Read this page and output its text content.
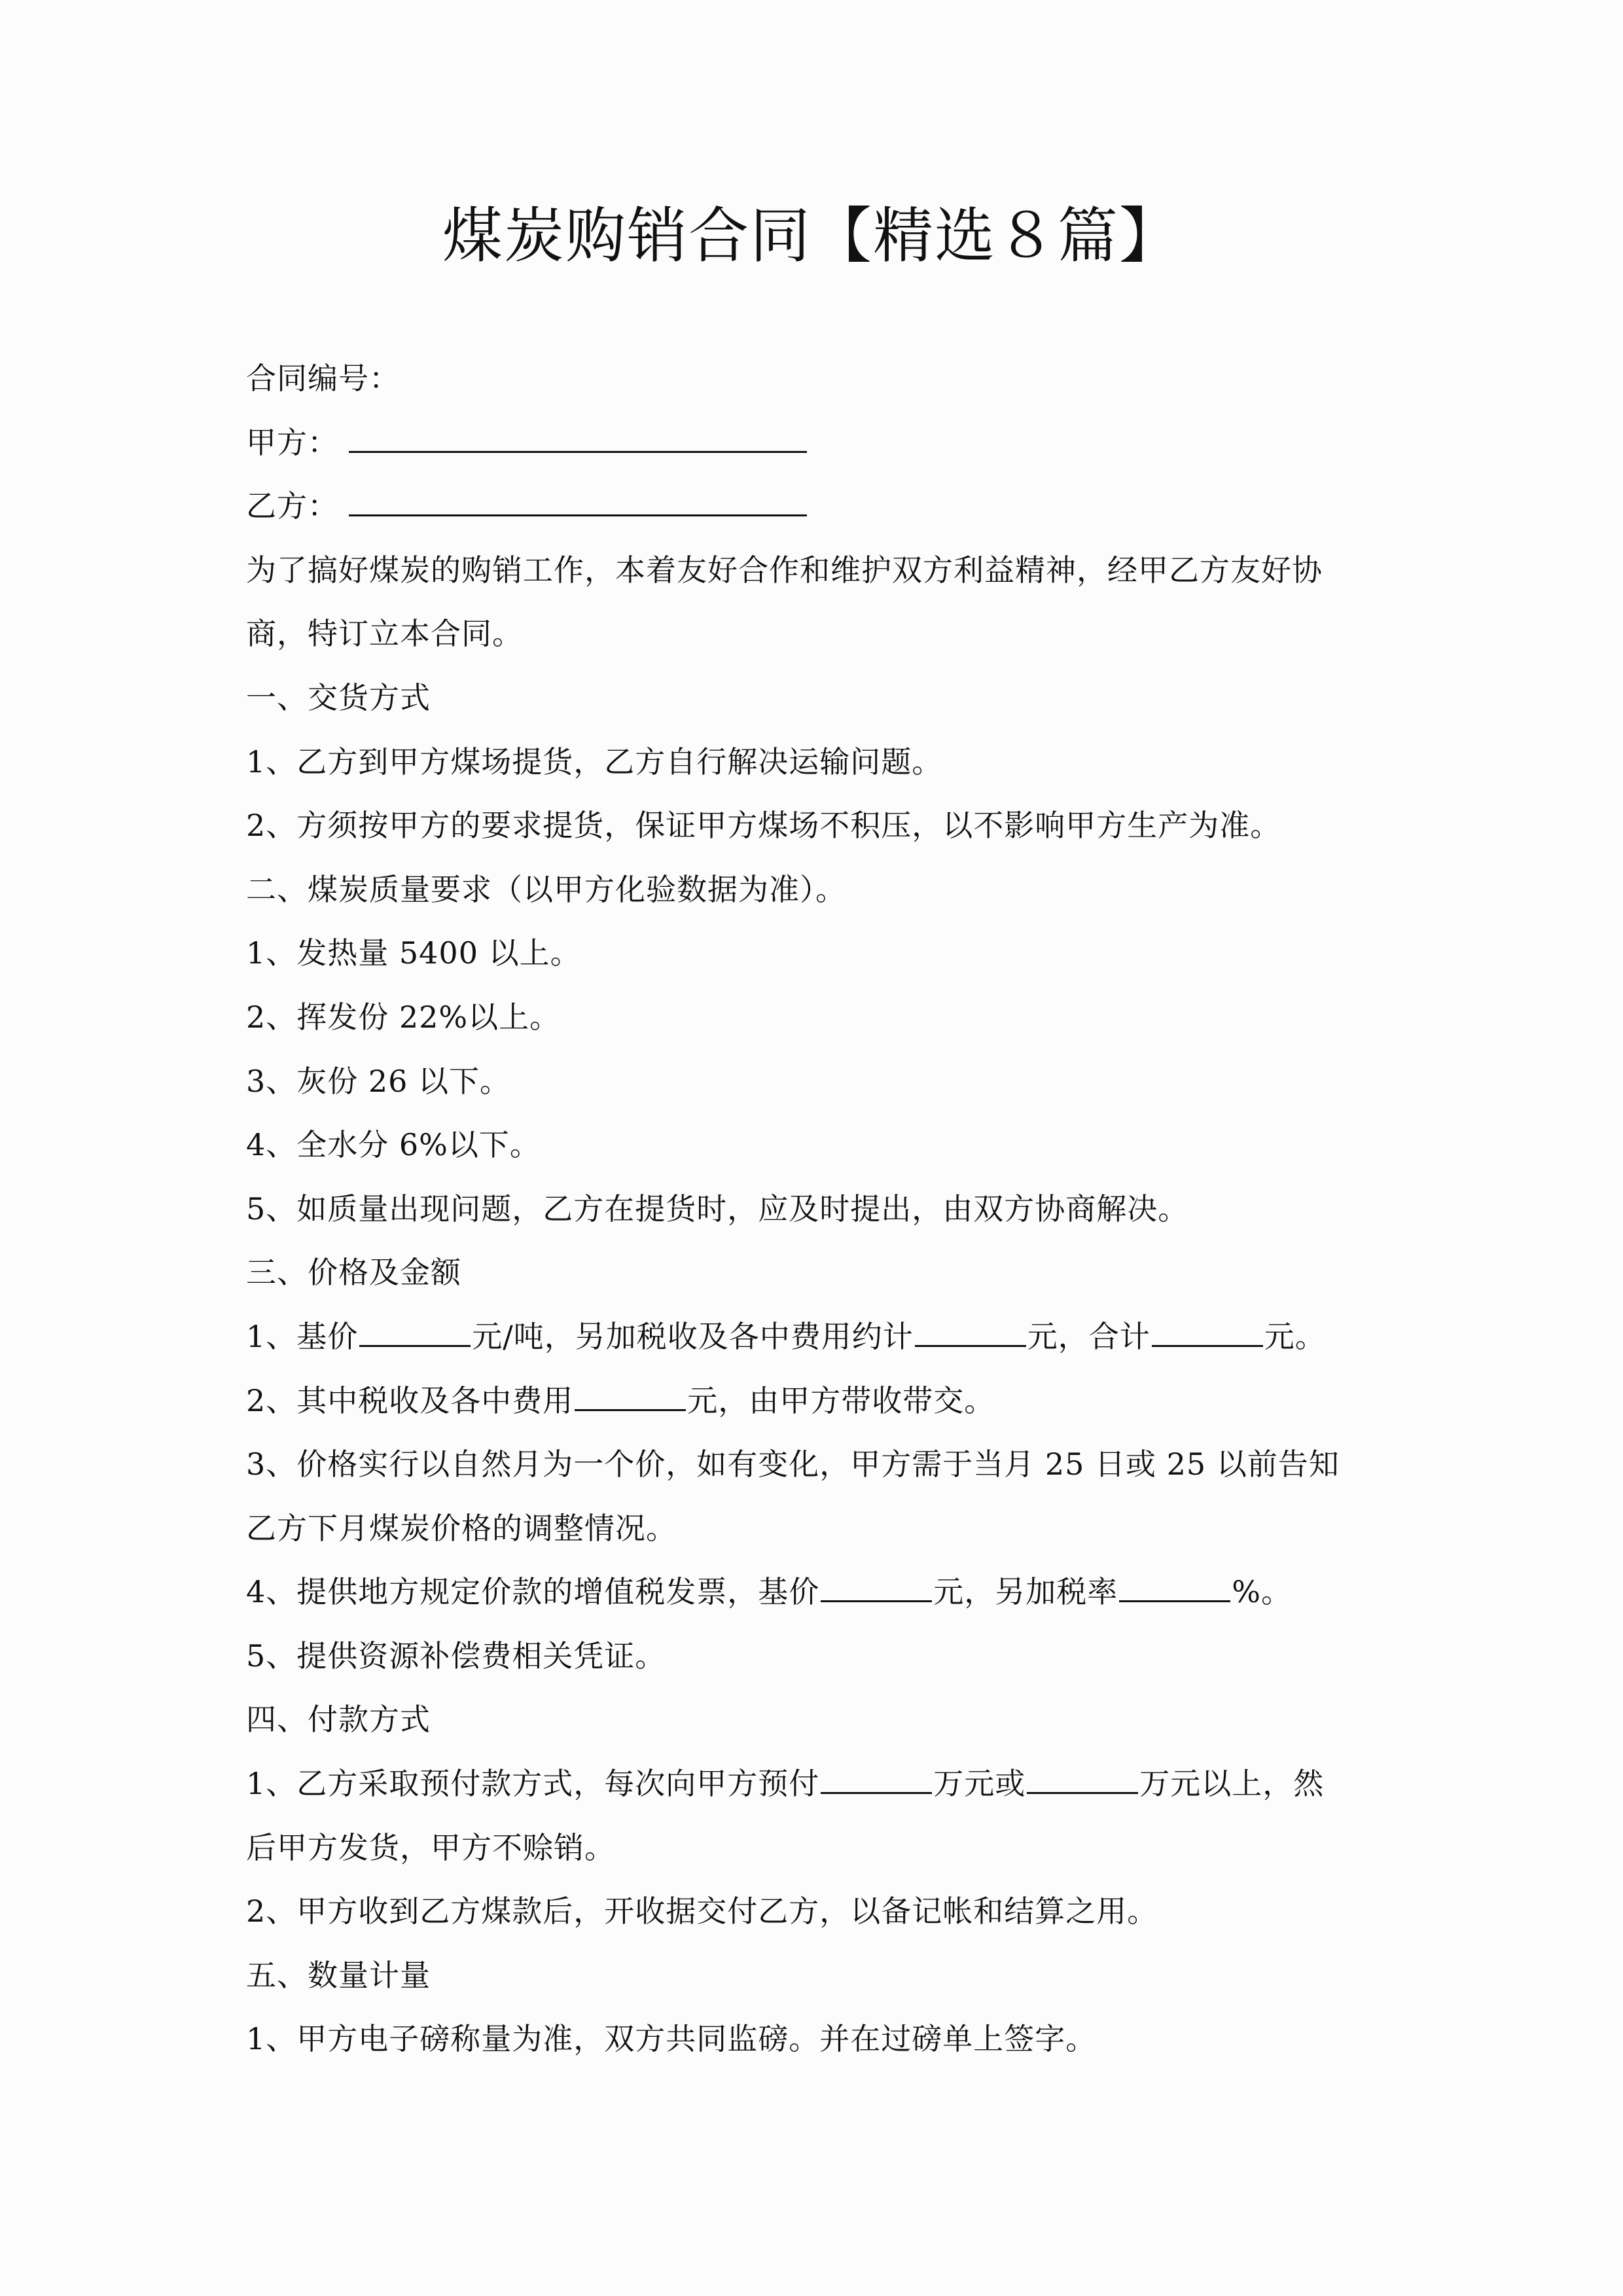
煤炭购销合同【精选８篇】
合同编号：
甲方：
乙方：
为了搞好煤炭的购销工作，本着友好合作和维护双方利益精神，经甲乙方友好协
商，特订立本合同。
一、交货方式
1、乙方到甲方煤场提货，乙方自行解决运输问题。
2、方须按甲方的要求提货，保证甲方煤场不积压，以不影响甲方生产为准。
二、煤炭质量要求（以甲方化验数据为准）。
1、发热量 5400 以上。
2、挥发份 22%以上。
3、灰份 26 以下。
4、全水分 6%以下。
5、如质量出现问题，乙方在提货时，应及时提出，由双方协商解决。
三、价格及金额
1、基价	元/吨，另加税收及各中费用约计	元，合计	元。
2、其中税收及各中费用	元，由甲方带收带交。
3、价格实行以自然月为一个价，如有变化，甲方需于当月 25 日或 25 以前告知
乙方下月煤炭价格的调整情况。
4、提供地方规定价款的增值税发票，基价	元，另加税率	%。
5、提供资源补偿费相关凭证。
四、付款方式
1、乙方采取预付款方式，每次向甲方预付	万元或	万元以上，然
后甲方发货，甲方不赊销。
2、甲方收到乙方煤款后，开收据交付乙方，以备记帐和结算之用。
五、数量计量
1、甲方电子磅称量为准，双方共同监磅。并在过磅单上签字。
